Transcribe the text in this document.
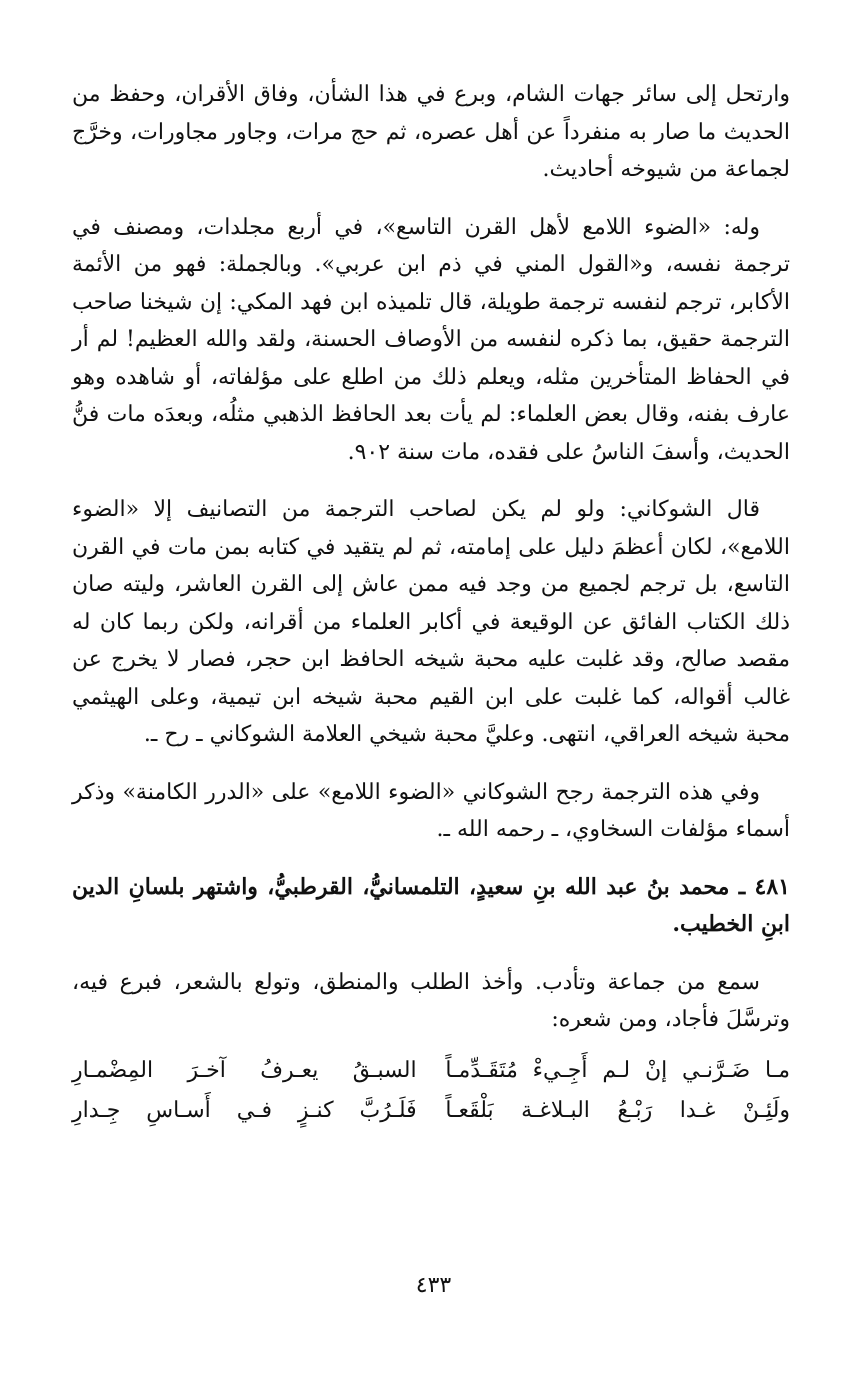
وارتحل إلى سائر جهات الشام، وبرع في هذا الشأن، وفاق الأقران، وحفظ من الحديث ما صار به منفرداً عن أهل عصره، ثم حج مرات، وجاور مجاورات، وخرَّج لجماعة من شيوخه أحاديث.

وله: «الضوء اللامع لأهل القرن التاسع»، في أربع مجلدات، ومصنف في ترجمة نفسه، و«القول المني في ذم ابن عربي». وبالجملة: فهو من الأئمة الأكابر، ترجم لنفسه ترجمة طويلة، قال تلميذه ابن فهد المكي: إن شيخنا صاحب الترجمة حقيق، بما ذكره لنفسه من الأوصاف الحسنة، ولقد والله العظيم! لم أر في الحفاظ المتأخرين مثله، ويعلم ذلك من اطلع على مؤلفاته، أو شاهده وهو عارف بفنه، وقال بعض العلماء: لم يأت بعد الحافظ الذهبي مثلُه، وبعدَه مات فنُّ الحديث، وأسفَ الناسُ على فقده، مات سنة ٩٠٢.

قال الشوكاني: ولو لم يكن لصاحب الترجمة من التصانيف إلا «الضوء اللامع»، لكان أعظمَ دليل على إمامته، ثم لم يتقيد في كتابه بمن مات في القرن التاسع، بل ترجم لجميع من وجد فيه ممن عاش إلى القرن العاشر، وليته صان ذلك الكتاب الفائق عن الوقيعة في أكابر العلماء من أقرانه، ولكن ربما كان له مقصد صالح، وقد غلبت عليه محبة شيخه الحافظ ابن حجر، فصار لا يخرج عن غالب أقواله، كما غلبت على ابن القيم محبة شيخه ابن تيمية، وعلى الهيثمي محبة شيخه العراقي، انتهى. وعليَّ محبة شيخي العلامة الشوكاني ـ رح ـ.

وفي هذه الترجمة رجح الشوكاني «الضوء اللامع» على «الدرر الكامنة» وذكر أسماء مؤلفات السخاوي، ـ رحمه الله ـ.

٤٨١ ـ محمد بنُ عبد الله بنِ سعيدٍ، التلمسانيُّ، القرطبيُّ، واشتهر بلسانِ الدين ابنِ الخطيب.

سمع من جماعة وتأدب. وأخذ الطلب والمنطق، وتولع بالشعر، فبرع فيه، وترسَّلَ فأجاد، ومن شعره:

مـا ضَـرَّنـي إنْ لـم أَجِـيءْ مُتَقَـدِّمـاً
السبـقُ يعـرفُ آخـرَ المِضْمـارِ
ولَئِـنْ غـدا رَبْـعُ البـلاغـة بَلْقَعـاً
فَلَـرُبَّ كنـزٍ فـي أَسـاسِ جِـدارِ
٤٣٣
